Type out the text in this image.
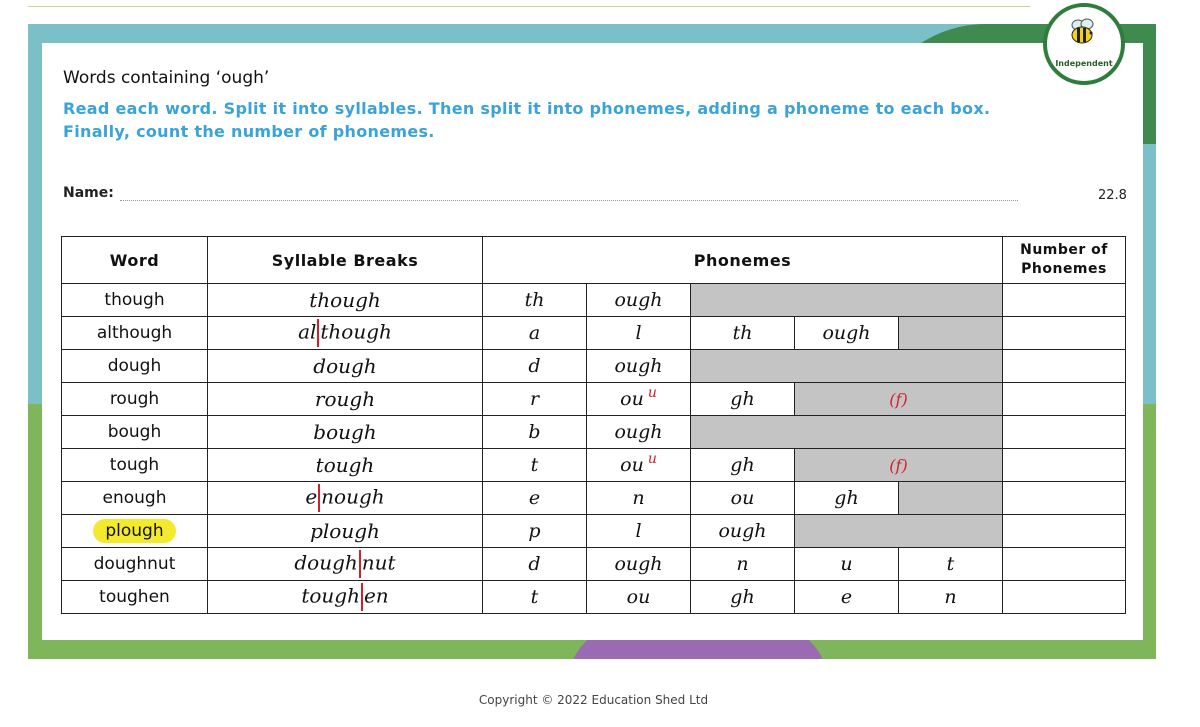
Independent
Words containing ‘ough’
Read each word. Split it into syllables. Then split it into phonemes, adding a phoneme to each box.
Finally, count the number of phonemes.
Name:	22.8
Word	Syllable Breaks	Phonemes					Number of
Phonemes
though	though	th	ough				
although	al though	a	l	th	ough		
dough	dough	d	ough				
rough	rough	r	ou $^u$	gh	(f)		
bough	bough	b	ough				
tough	tough	t	ou $^u$	gh	(f)		
enough	e nough	e	n	ou	gh		
plough	plough	p	l	ough			
doughnut	dough nut	d	ough	n	u	t	
toughen	tough en	t	ou	gh	e	n	
Copyright © 2022 Education Shed Ltd
